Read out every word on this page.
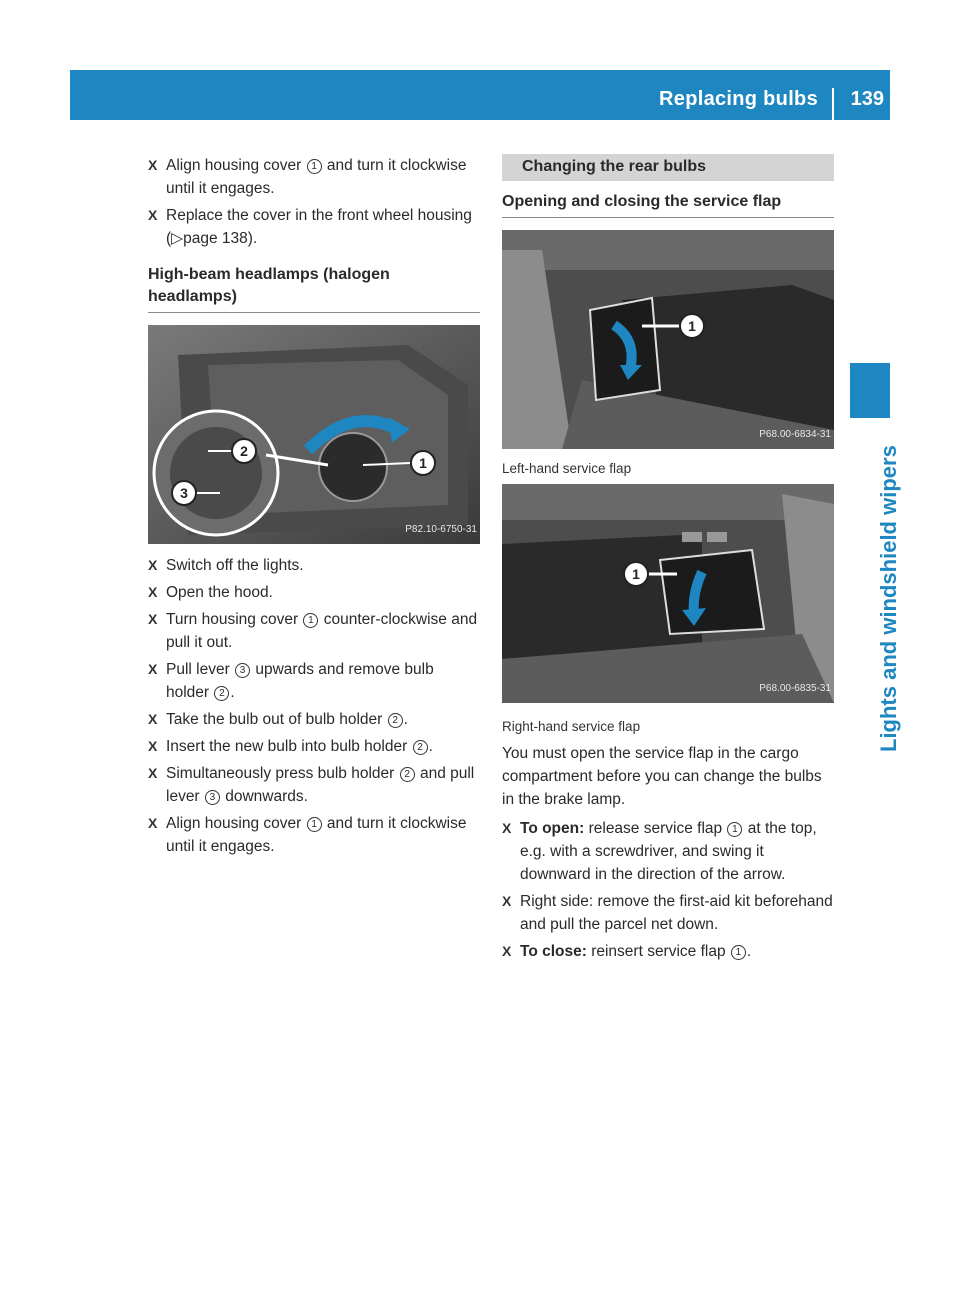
Replacing bulbs 139
Lights and windshield wipers
X Align housing cover 1 and turn it clockwise until it engages.
X Replace the cover in the front wheel housing (▷page 138).
High-beam headlamps (halogen headlamps)
1
2
3
P82.10-6750-31
X Switch off the lights.
X Open the hood.
X Turn housing cover 1 counter-clockwise and pull it out.
X Pull lever 3 upwards and remove bulb holder 2 .
X Take the bulb out of bulb holder 2 .
X Insert the new bulb into bulb holder 2 .
X Simultaneously press bulb holder 2 and pull lever 3 downwards.
X Align housing cover 1 and turn it clockwise until it engages.
Changing the rear bulbs
Opening and closing the service flap
1
P68.00-6834-31
Left-hand service flap
1
P68.00-6835-31
Right-hand service flap
You must open the service flap in the cargo compartment before you can change the bulbs in the brake lamp.
X To open: release service flap 1 at the top, e.g. with a screwdriver, and swing it downward in the direction of the arrow.
X Right side: remove the first-aid kit beforehand and pull the parcel net down.
X To close: reinsert service flap 1 .
